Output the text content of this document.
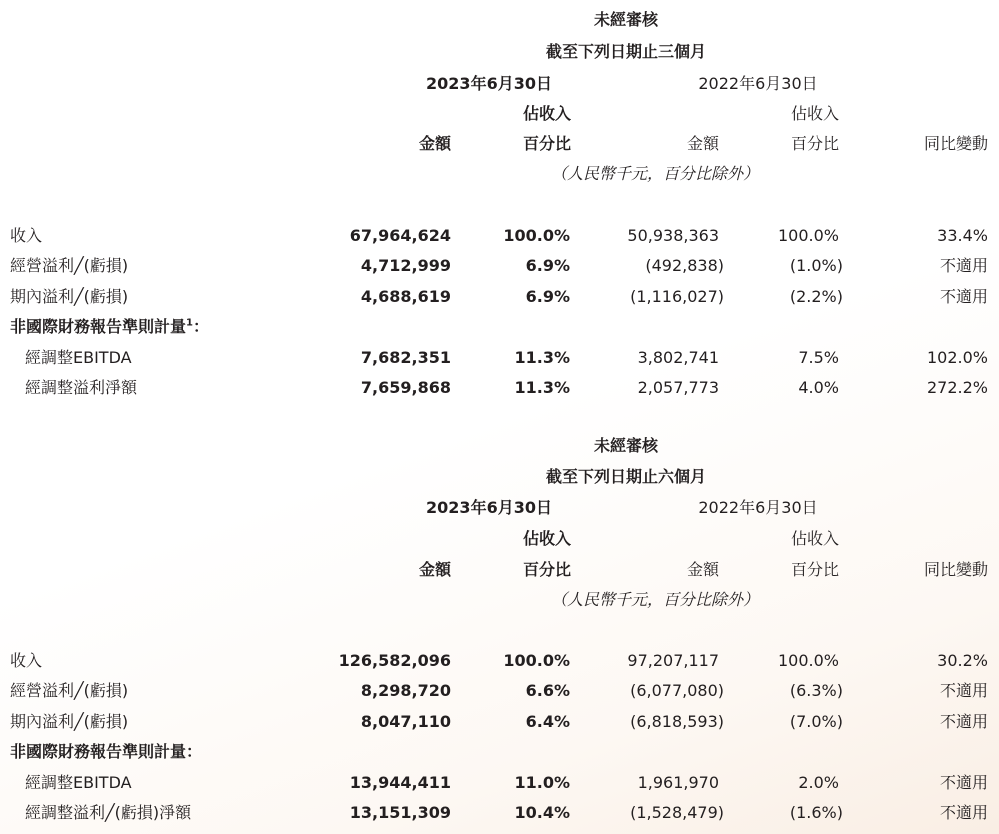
未經審核
截至下列日期止三個月
2023年6月30日	2022年6月30日
佔收入	佔收入
金額	百分比	金額	百分比	同比變動
（人民幣千元，百分比除外）
收入	67,964,624	100.0%	50,938,363	100.0%	33.4%
經營溢利╱(虧損)	4,712,999	6.9%	(492,838)	(1.0%)	不適用
期內溢利╱(虧損)	4,688,619	6.9%	(1,116,027)	(2.2%)	不適用
非國際財務報告準則計量$^1$：
經調整EBITDA	7,682,351	11.3%	3,802,741	7.5%	102.0%
經調整溢利淨額	7,659,868	11.3%	2,057,773	4.0%	272.2%
未經審核
截至下列日期止六個月
2023年6月30日	2022年6月30日
佔收入	佔收入
金額	百分比	金額	百分比	同比變動
（人民幣千元，百分比除外）
收入	126,582,096	100.0%	97,207,117	100.0%	30.2%
經營溢利╱(虧損)	8,298,720	6.6%	(6,077,080)	(6.3%)	不適用
期內溢利╱(虧損)	8,047,110	6.4%	(6,818,593)	(7.0%)	不適用
非國際財務報告準則計量：
經調整EBITDA	13,944,411	11.0%	1,961,970	2.0%	不適用
經調整溢利╱(虧損)淨額	13,151,309	10.4%	(1,528,479)	(1.6%)	不適用
